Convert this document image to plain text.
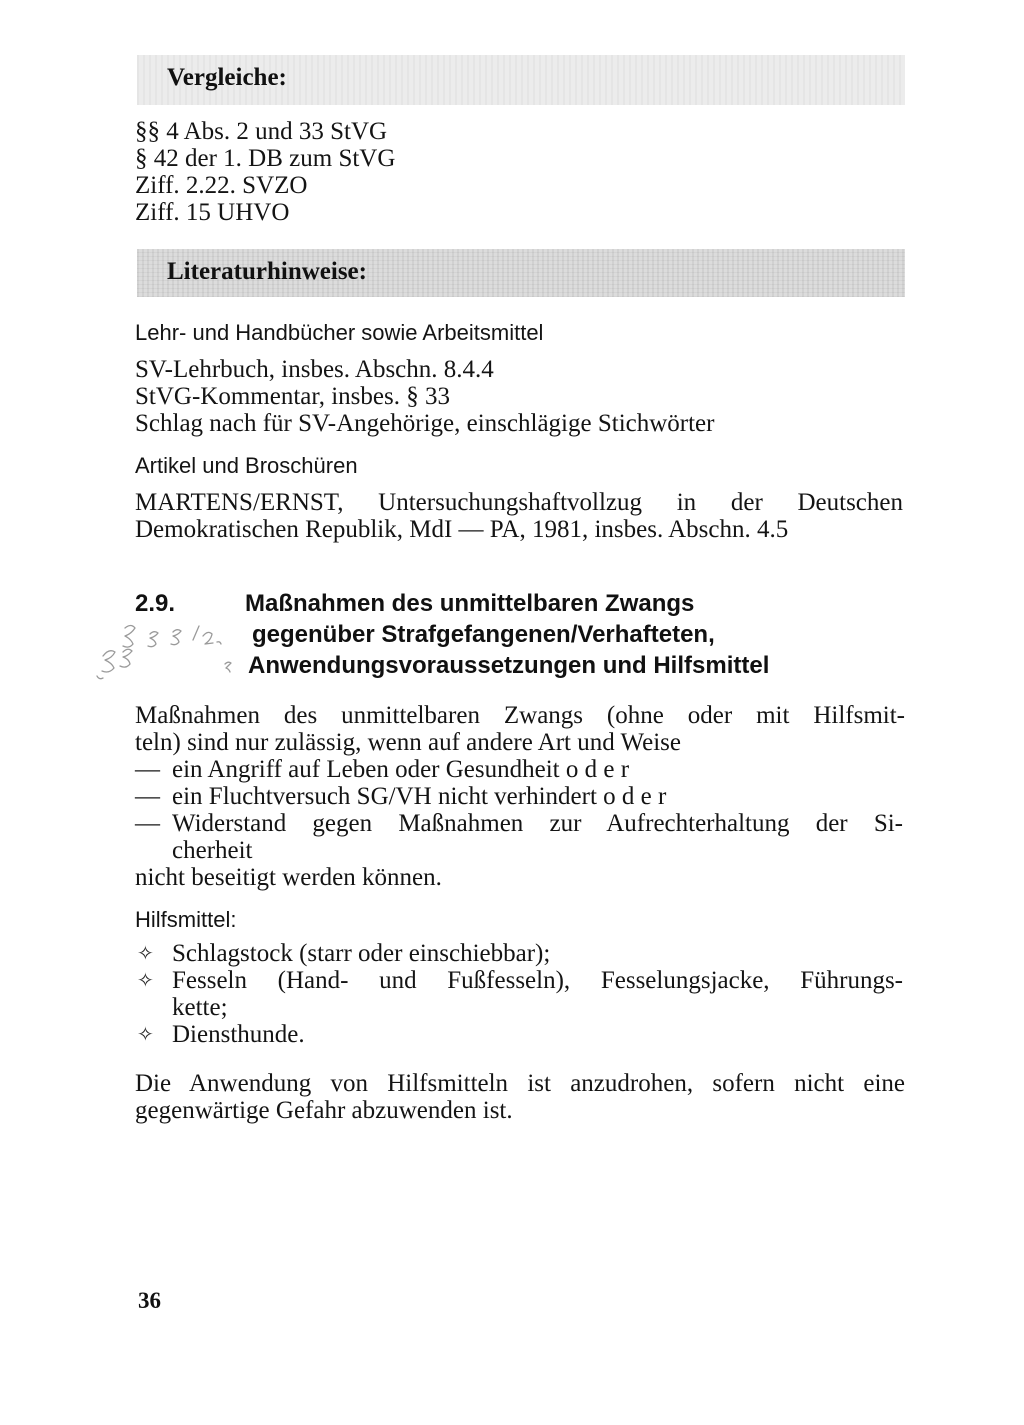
Vergleiche:
§§ 4 Abs. 2 und 33 StVG
§ 42 der 1. DB zum StVG
Ziff. 2.22. SVZO
Ziff. 15 UHVO
Literaturhinweise:
Lehr- und Handbücher sowie Arbeitsmittel
SV-Lehrbuch, insbes. Abschn. 8.4.4
StVG-Kommentar, insbes. § 33
Schlag nach für SV-Angehörige, einschlägige Stichwörter
Artikel und Broschüren
MARTENS/ERNST, Untersuchungshaftvollzug in der Deutschen
Demokratischen Republik, MdI — PA, 1981, insbes. Abschn. 4.5
2.9.	Maßnahmen des unmittelbaren Zwangs
gegenüber Strafgefangenen/Verhafteten,
Anwendungsvoraussetzungen und Hilfsmittel
Maßnahmen des unmittelbaren Zwangs (ohne oder mit Hilfsmit-
teln) sind nur zulässig, wenn auf andere Art und Weise
— ein Angriff auf Leben oder Gesundheit o d e r
— ein Fluchtversuch SG/VH nicht verhindert o d e r
— Widerstand gegen Maßnahmen zur Aufrechterhaltung der Si-
cherheit
nicht beseitigt werden können.
Hilfsmittel:
✧ Schlagstock (starr oder einschiebbar);
✧ Fesseln (Hand- und Fußfesseln), Fesselungsjacke, Führungs-
kette;
✧ Diensthunde.
Die Anwendung von Hilfsmitteln ist anzudrohen, sofern nicht eine
gegenwärtige Gefahr abzuwenden ist.
36
